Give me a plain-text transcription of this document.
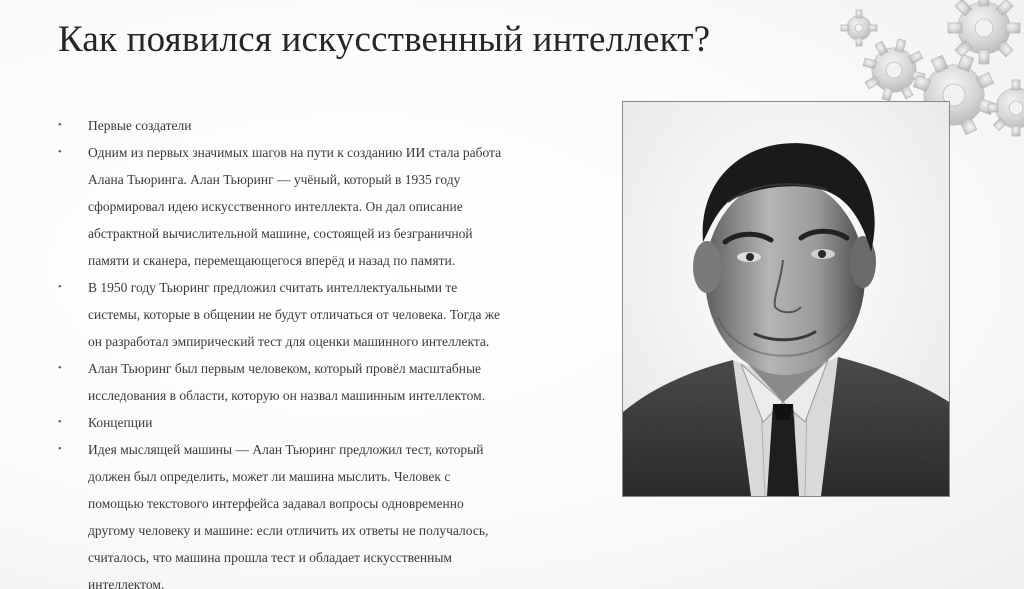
Как появился искусственный интеллект?
• Первые создатели
• Одним из первых значимых шагов на пути к созданию ИИ стала работа
Алана Тьюринга. Алан Тьюринг — учёный, который в 1935 году
сформировал идею искусственного интеллекта. Он дал описание
абстрактной вычислительной машине, состоящей из безграничной
памяти и сканера, перемещающегося вперёд и назад по памяти.
• В 1950 году Тьюринг предложил считать интеллектуальными те
системы, которые в общении не будут отличаться от человека. Тогда же
он разработал эмпирический тест для оценки машинного интеллекта.
• Алан Тьюринг был первым человеком, который провёл масштабные
исследования в области, которую он назвал машинным интеллектом.
• Концепции
• Идея мыслящей машины — Алан Тьюринг предложил тест, который
должен был определить, может ли машина мыслить. Человек с
помощью текстового интерфейса задавал вопросы одновременно
другому человеку и машине: если отличить их ответы не получалось,
считалось, что машина прошла тест и обладает искусственным
интеллектом.
